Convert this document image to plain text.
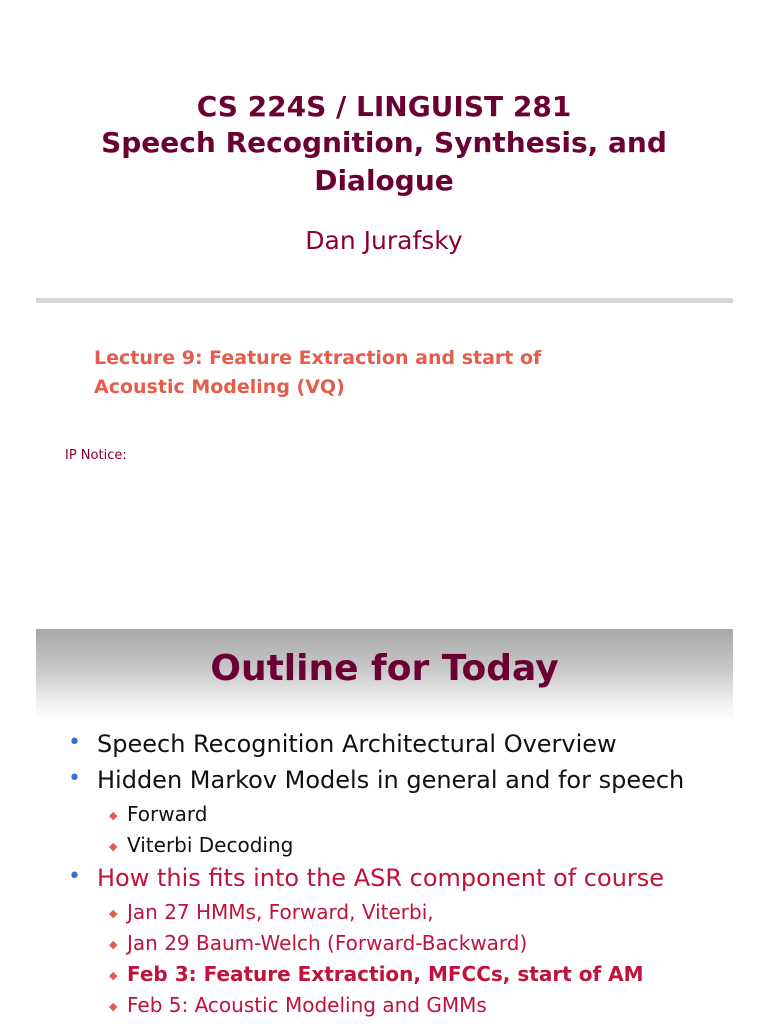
CS 224S / LINGUIST 281
Speech Recognition, Synthesis, and
Dialogue
Dan Jurafsky
Lecture 9: Feature Extraction and start of
Acoustic Modeling (VQ)
IP Notice:
Outline for Today
• Speech Recognition Architectural Overview
• Hidden Markov Models in general and for speech
◆ Forward
◆ Viterbi Decoding
• How this fits into the ASR component of course
◆ Jan 27 HMMs, Forward, Viterbi,
◆ Jan 29 Baum-Welch (Forward-Backward)
◆ Feb 3: Feature Extraction, MFCCs, start of AM
◆ Feb 5: Acoustic Modeling and GMMs
